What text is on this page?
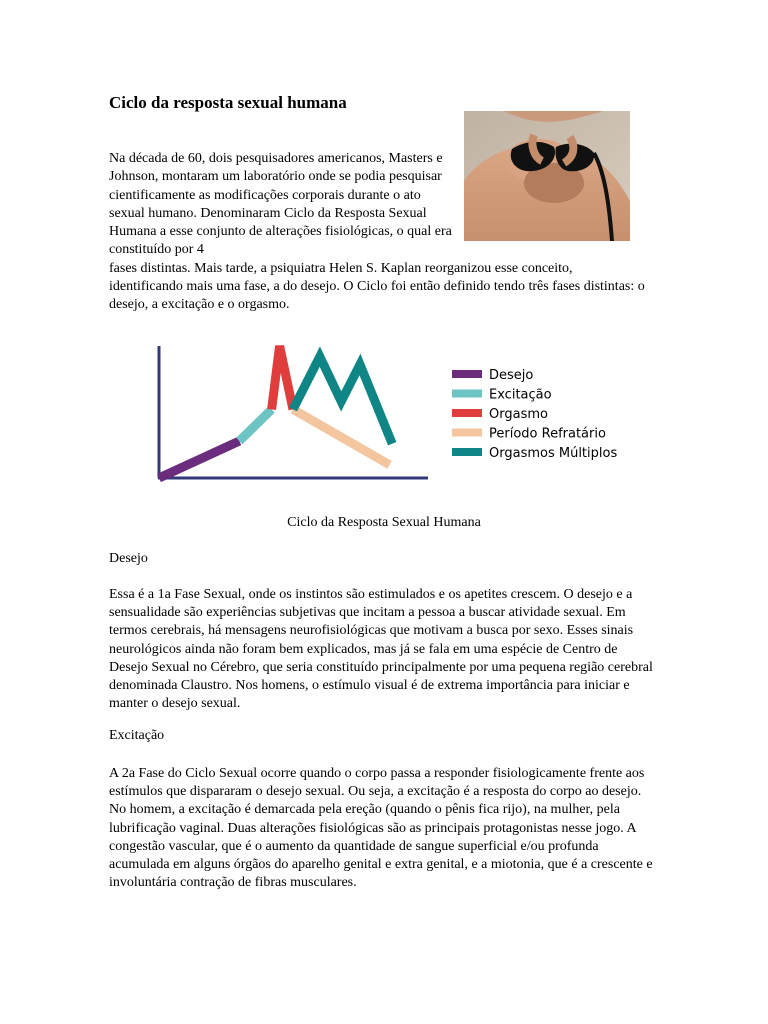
Ciclo da resposta sexual humana

Na década de 60, dois pesquisadores americanos, Masters e Johnson, montaram um laboratório onde se podia pesquisar cientificamente as modificações corporais durante o ato sexual humano. Denominaram Ciclo da Resposta Sexual Humana a esse conjunto de alterações fisiológicas, o qual era constituído por 4
fases distintas. Mais tarde, a psiquiatra Helen S. Kaplan reorganizou esse conceito, identificando mais uma fase, a do desejo. O Ciclo foi então definido tendo três fases distintas: o desejo, a excitação e o orgasmo.

Desejo
Excitação
Orgasmo
Período Refratário
Orgasmos Múltiplos

Ciclo da Resposta Sexual Humana

Desejo

Essa é a 1a Fase Sexual, onde os instintos são estimulados e os apetites crescem. O desejo e a sensualidade são experiências subjetivas que incitam a pessoa a buscar atividade sexual. Em termos cerebrais, há mensagens neurofisiológicas que motivam a busca por sexo. Esses sinais neurológicos ainda não foram bem explicados, mas já se fala em uma espécie de Centro de Desejo Sexual no Cérebro, que seria constituído principalmente por uma pequena região cerebral denominada Claustro. Nos homens, o estímulo visual é de extrema importância para iniciar e manter o desejo sexual.

Excitação

A 2a Fase do Ciclo Sexual ocorre quando o corpo passa a responder fisiologicamente frente aos estímulos que dispararam o desejo sexual. Ou seja, a excitação é a resposta do corpo ao desejo. No homem, a excitação é demarcada pela ereção (quando o pênis fica rijo), na mulher, pela lubrificação vaginal. Duas alterações fisiológicas são as principais protagonistas nesse jogo. A congestão vascular, que é o aumento da quantidade de sangue superficial e/ou profunda acumulada em alguns órgãos do aparelho genital e extra genital, e a miotonia, que é a crescente e involuntária contração de fibras musculares.
